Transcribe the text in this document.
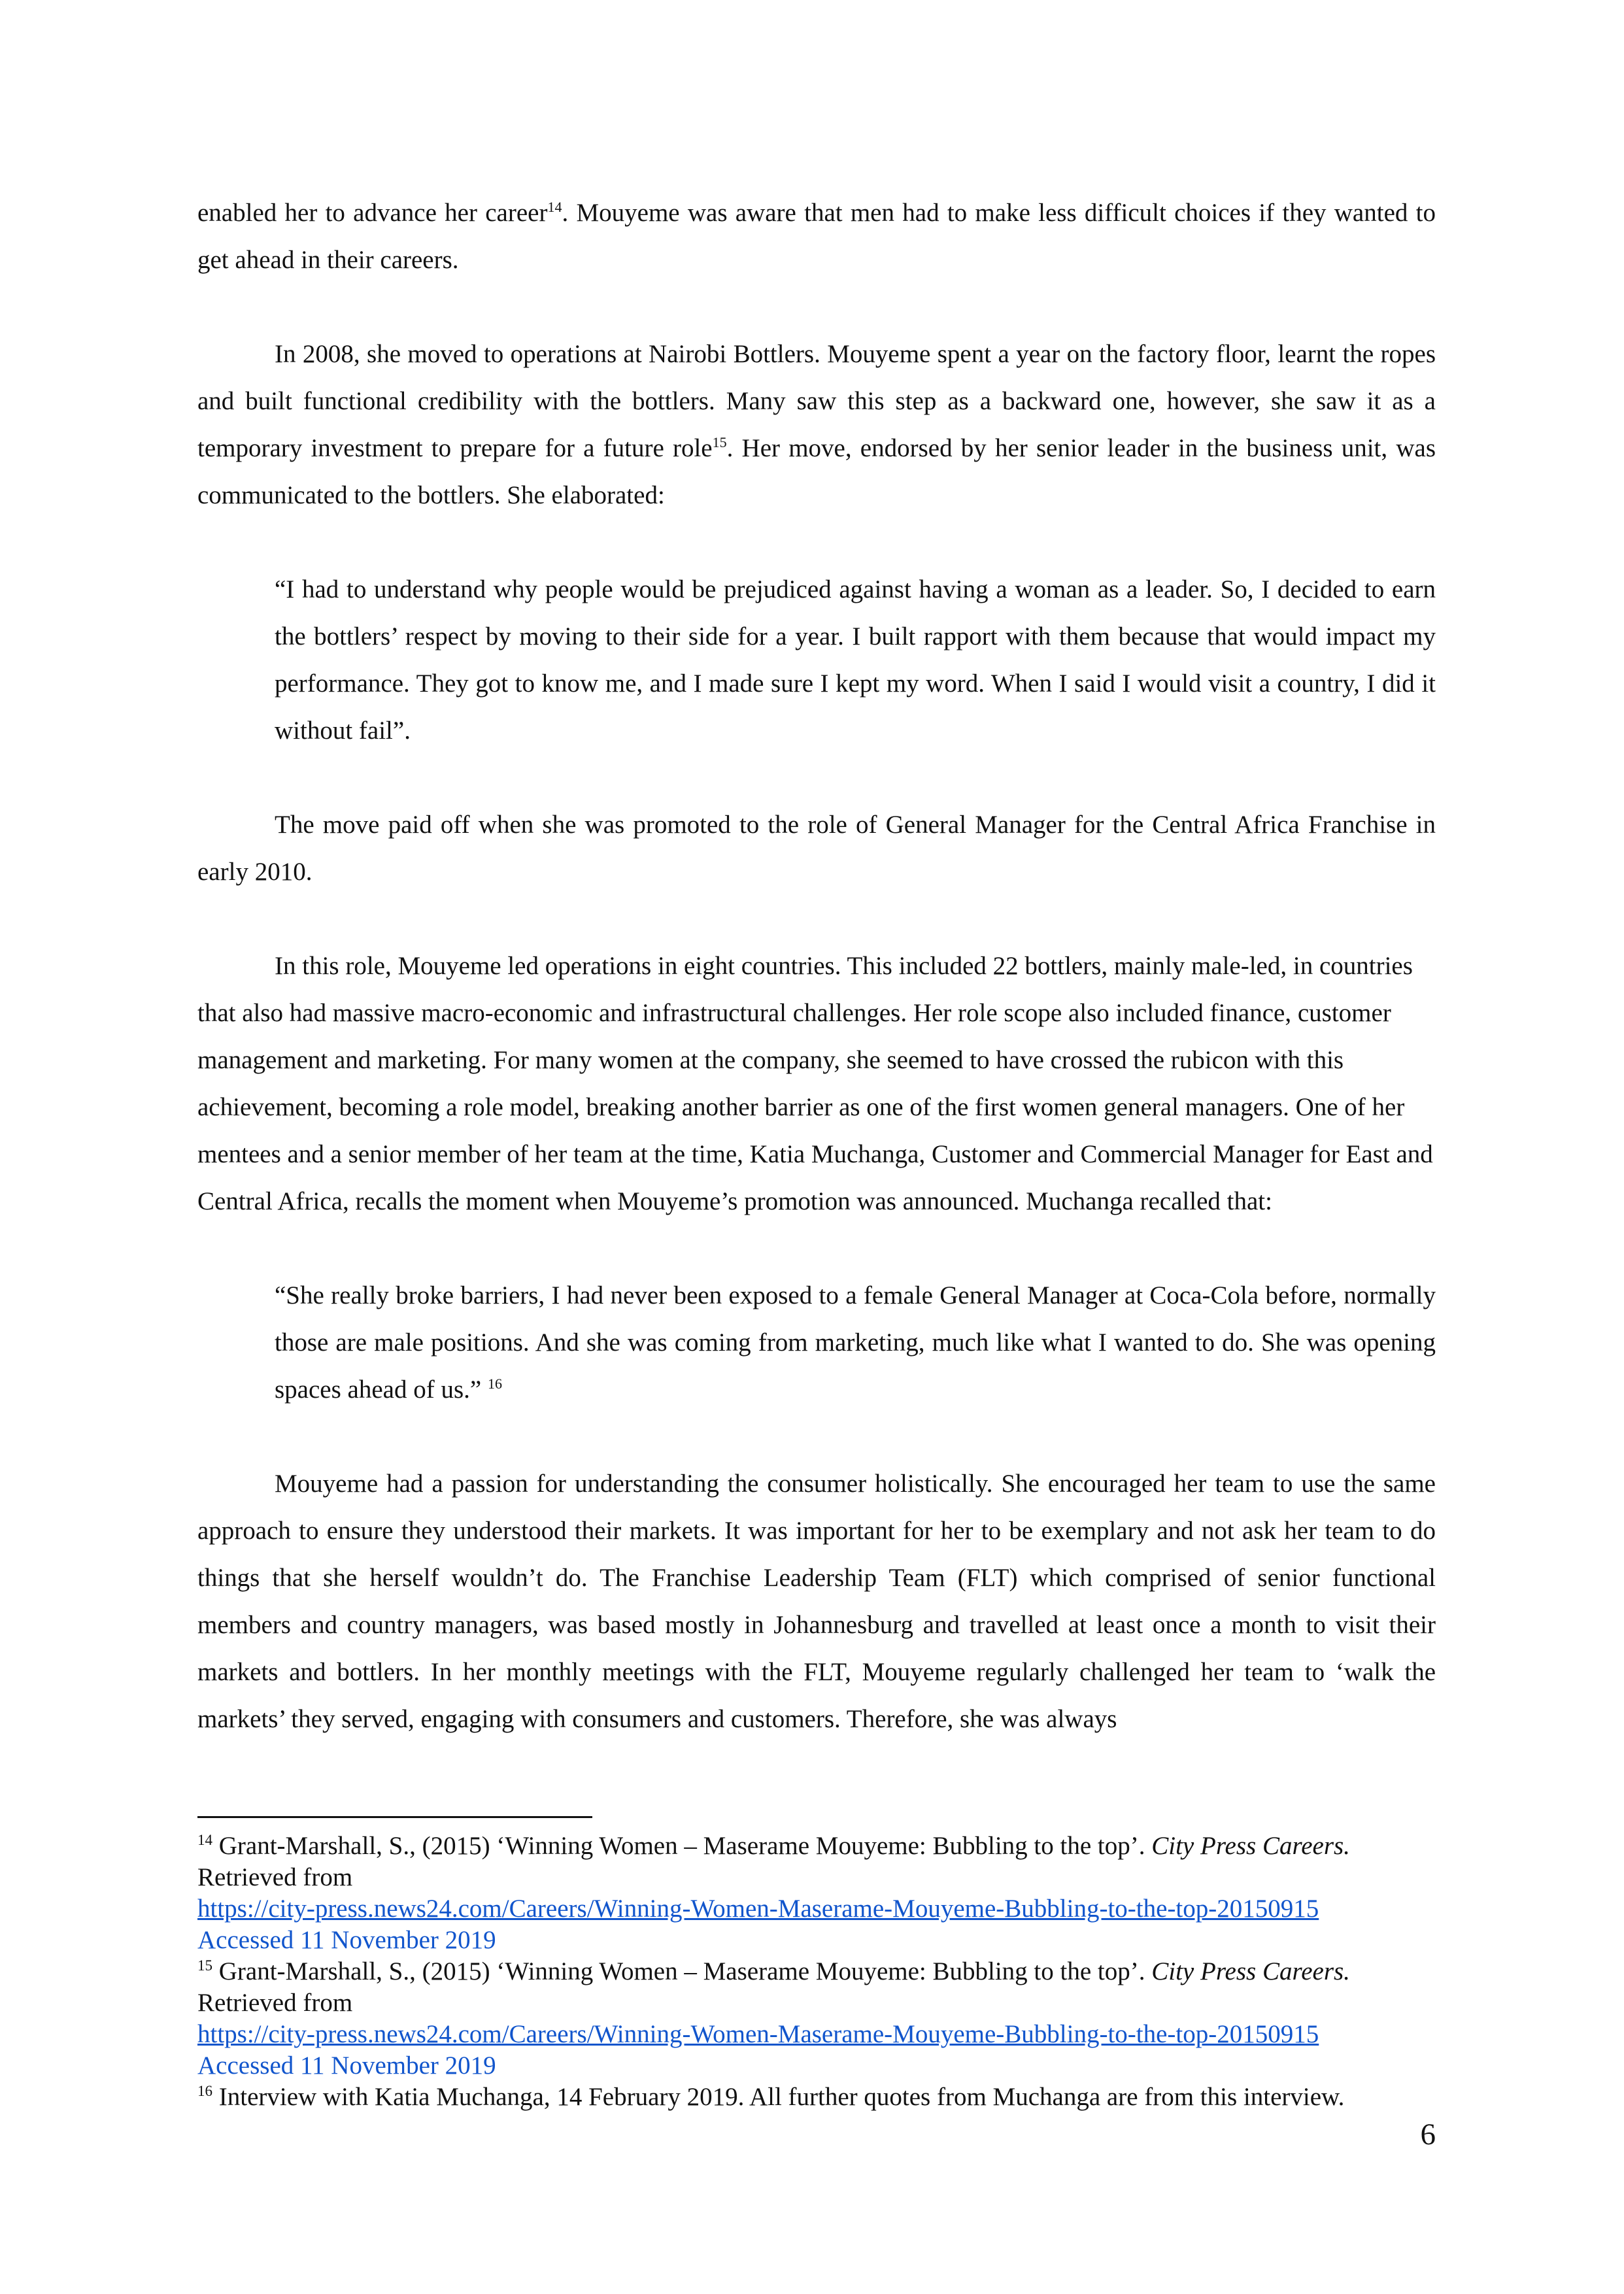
enabled her to advance her career$^{14}$. Mouyeme was aware that men had to make less difficult choices if they wanted to get ahead in their careers.

In 2008, she moved to operations at Nairobi Bottlers. Mouyeme spent a year on the factory floor, learnt the ropes and built functional credibility with the bottlers. Many saw this step as a backward one, however, she saw it as a temporary investment to prepare for a future role$^{15}$. Her move, endorsed by her senior leader in the business unit, was communicated to the bottlers. She elaborated:

“I had to understand why people would be prejudiced against having a woman as a leader. So, I decided to earn the bottlers’ respect by moving to their side for a year. I built rapport with them because that would impact my performance. They got to know me, and I made sure I kept my word. When I said I would visit a country, I did it without fail”.

The move paid off when she was promoted to the role of General Manager for the Central Africa Franchise in early 2010.

In this role, Mouyeme led operations in eight countries. This included 22 bottlers, mainly male-led, in countries that also had massive macro-economic and infrastructural challenges. Her role scope also included finance, customer management and marketing. For many women at the company, she seemed to have crossed the rubicon with this achievement, becoming a role model, breaking another barrier as one of the first women general managers. One of her mentees and a senior member of her team at the time, Katia Muchanga, Customer and Commercial Manager for East and Central Africa, recalls the moment when Mouyeme’s promotion was announced. Muchanga recalled that:

“She really broke barriers, I had never been exposed to a female General Manager at Coca-Cola before, normally those are male positions. And she was coming from marketing, much like what I wanted to do. She was opening spaces ahead of us.” $^{16}$

Mouyeme had a passion for understanding the consumer holistically. She encouraged her team to use the same approach to ensure they understood their markets. It was important for her to be exemplary and not ask her team to do things that she herself wouldn’t do. The Franchise Leadership Team (FLT) which comprised of senior functional members and country managers, was based mostly in Johannesburg and travelled at least once a month to visit their markets and bottlers. In her monthly meetings with the FLT, Mouyeme regularly challenged her team to ‘walk the markets’ they served, engaging with consumers and customers. Therefore, she was always

$^{14}$ Grant-Marshall, S., (2015) ‘Winning Women – Maserame Mouyeme: Bubbling to the top’. City Press Careers. Retrieved from
https://city-press.news24.com/Careers/Winning-Women-Maserame-Mouyeme-Bubbling-to-the-top-20150915
Accessed 11 November 2019

$^{15}$ Grant-Marshall, S., (2015) ‘Winning Women – Maserame Mouyeme: Bubbling to the top’. City Press Careers. Retrieved from
https://city-press.news24.com/Careers/Winning-Women-Maserame-Mouyeme-Bubbling-to-the-top-20150915
Accessed 11 November 2019

$^{16}$ Interview with Katia Muchanga, 14 February 2019. All further quotes from Muchanga are from this interview.

6
